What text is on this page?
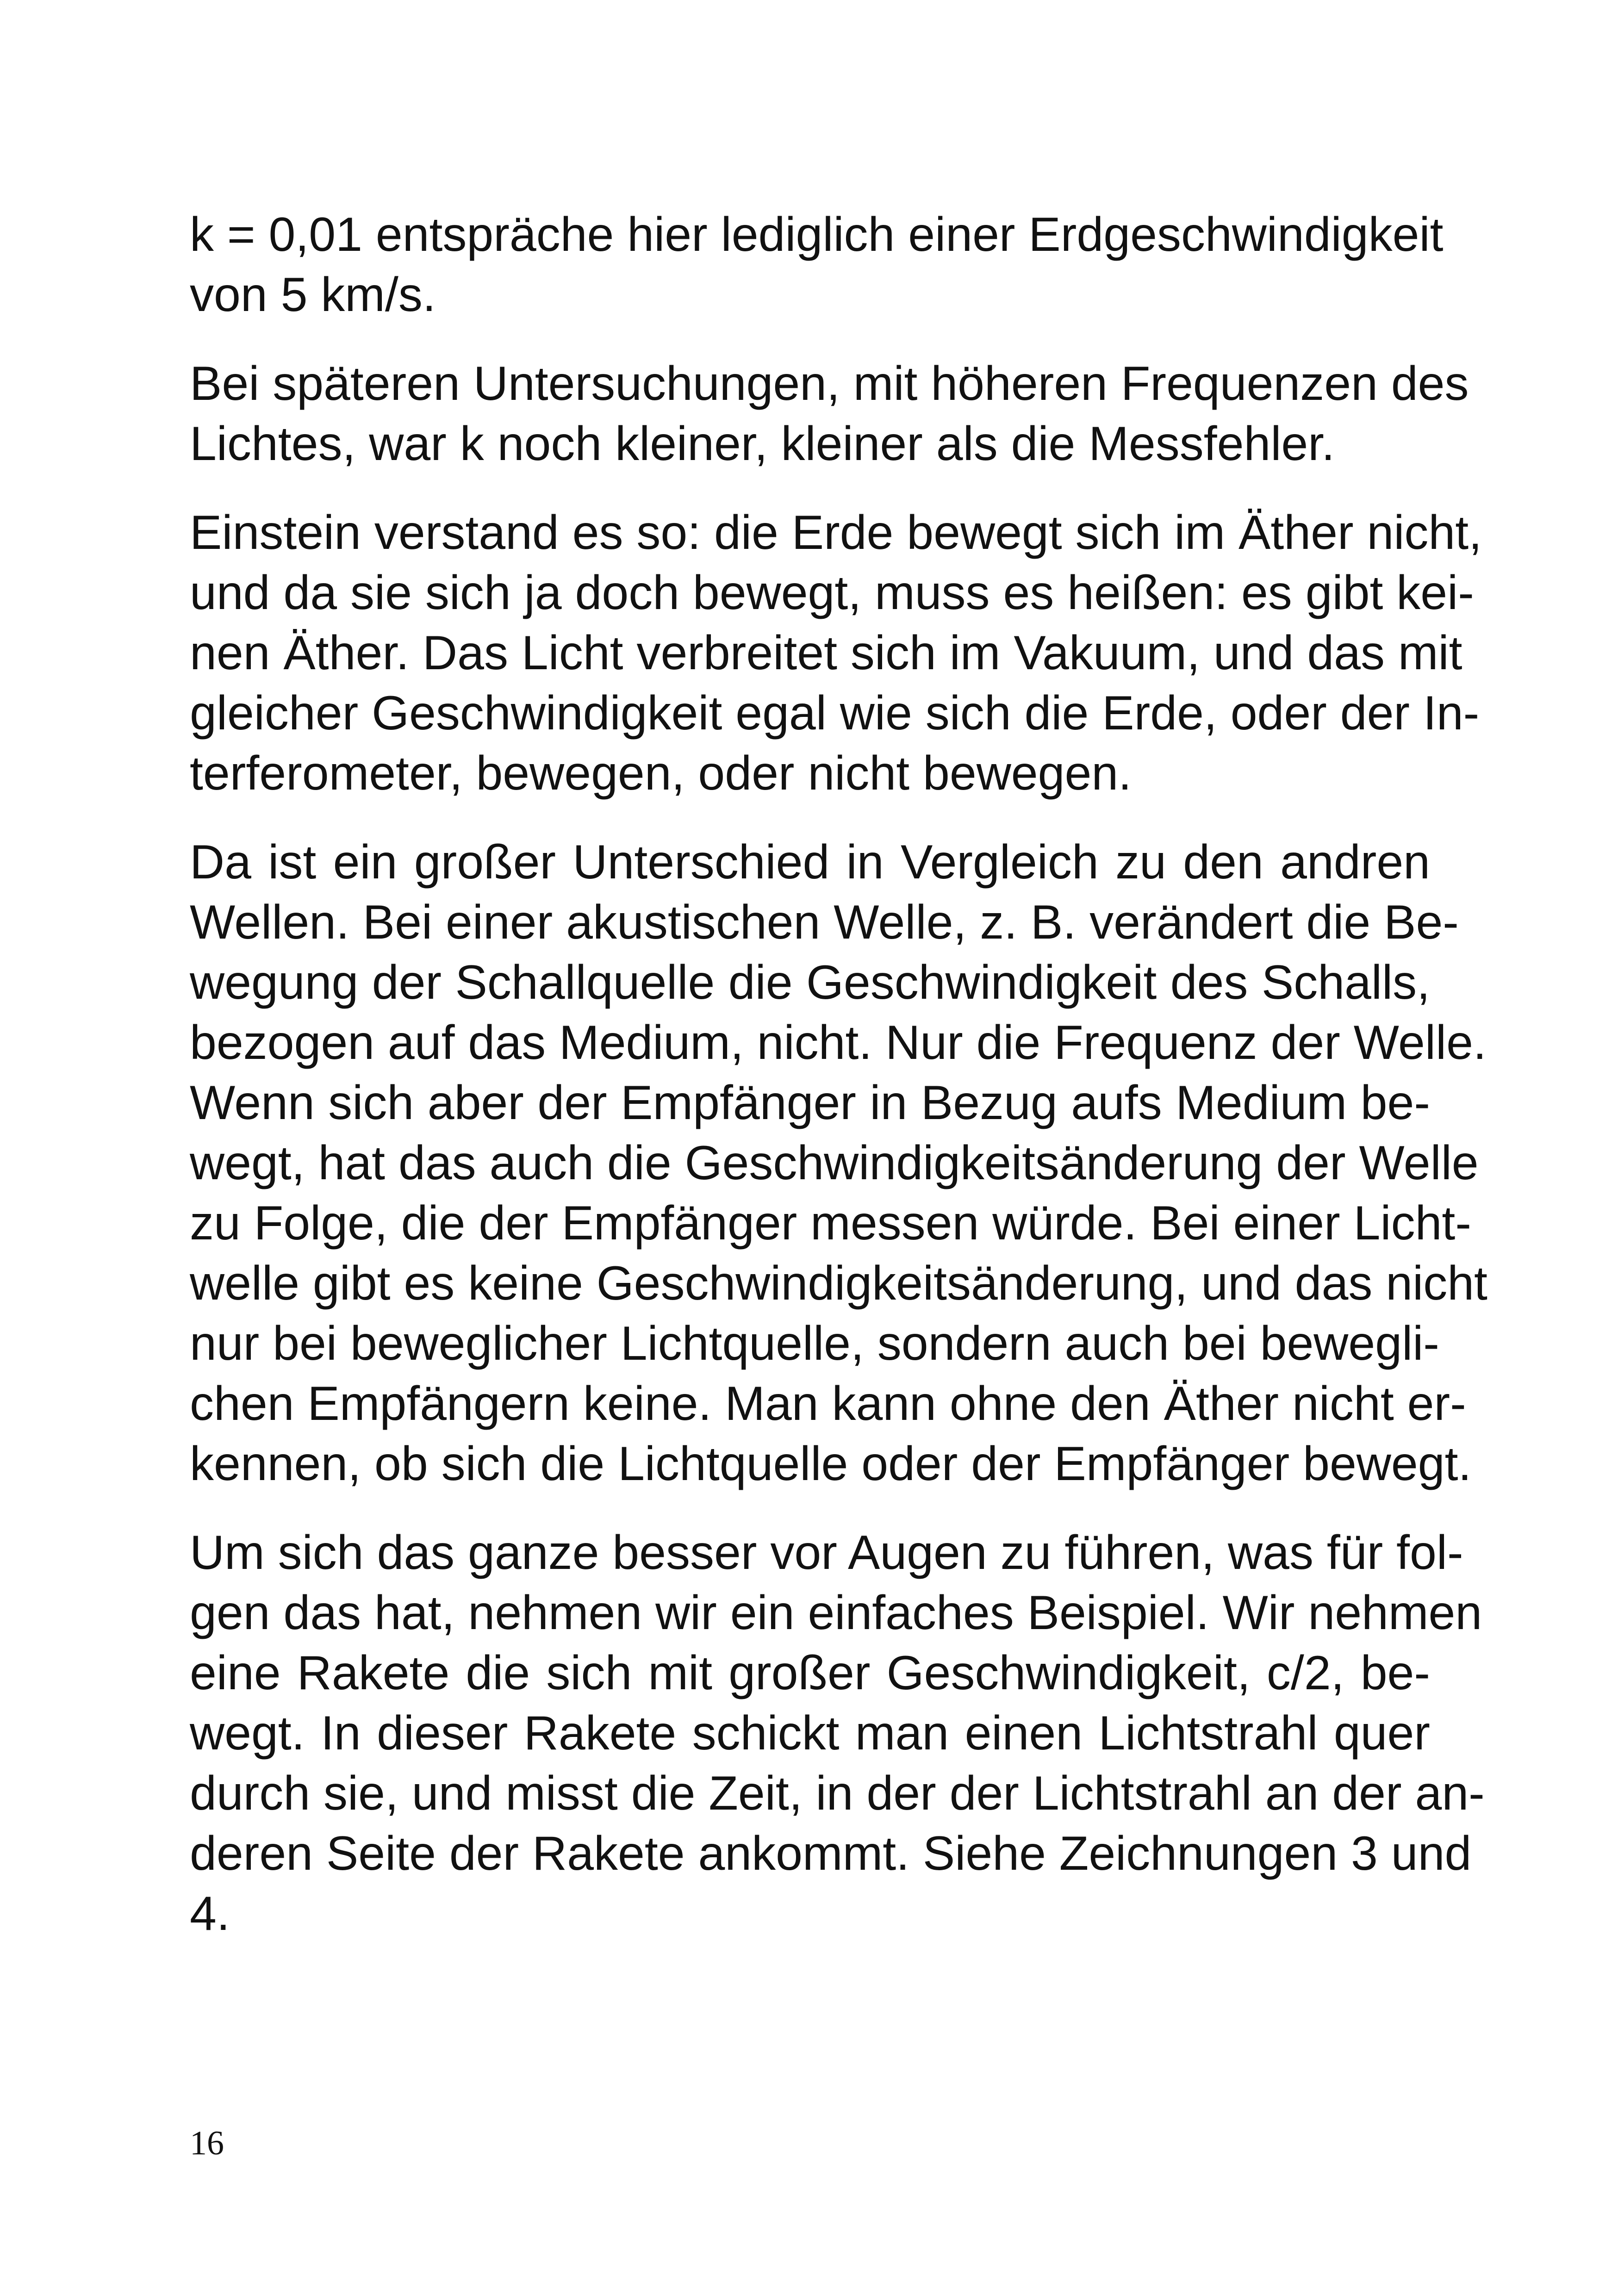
k = 0,01 entspräche hier lediglich einer Erdgeschwindigkeit
von 5 km/s.

Bei späteren Untersuchungen, mit höheren Frequenzen des
Lichtes, war k noch kleiner, kleiner als die Messfehler.

Einstein verstand es so: die Erde bewegt sich im Äther nicht,
und da sie sich ja doch bewegt, muss es heißen: es gibt kei-
nen Äther. Das Licht verbreitet sich im Vakuum, und das mit
gleicher Geschwindigkeit egal wie sich die Erde, oder der In-
terferometer, bewegen, oder nicht bewegen.

Da ist ein großer Unterschied in Vergleich zu den andren
Wellen. Bei einer akustischen Welle, z. B. verändert die Be-
wegung der Schallquelle die Geschwindigkeit des Schalls,
bezogen auf das Medium, nicht. Nur die Frequenz der Welle.
Wenn sich aber der Empfänger in Bezug aufs Medium be-
wegt, hat das auch die Geschwindigkeitsänderung der Welle
zu Folge, die der Empfänger messen würde. Bei einer Licht-
welle gibt es keine Geschwindigkeitsänderung, und das nicht
nur bei beweglicher Lichtquelle, sondern auch bei bewegli-
chen Empfängern keine. Man kann ohne den Äther nicht er-
kennen, ob sich die Lichtquelle oder der Empfänger bewegt.

Um sich das ganze besser vor Augen zu führen, was für fol-
gen das hat, nehmen wir ein einfaches Beispiel. Wir nehmen
eine Rakete die sich mit großer Geschwindigkeit, c/2, be-
wegt. In dieser Rakete schickt man einen Lichtstrahl quer
durch sie, und misst die Zeit, in der der Lichtstrahl an der an-
deren Seite der Rakete ankommt. Siehe Zeichnungen 3 und
4.

16
